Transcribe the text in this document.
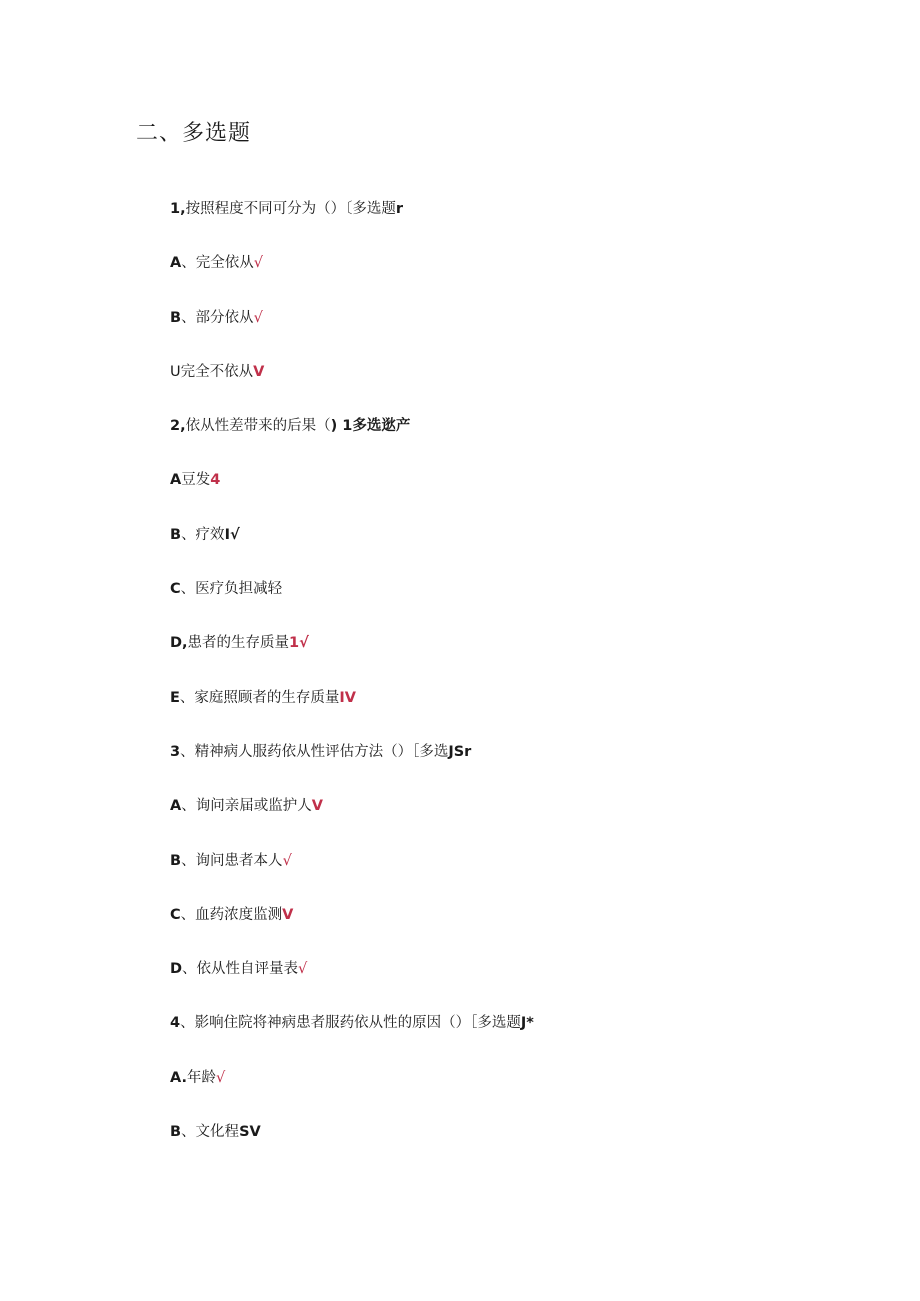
二、多选题
1,按照程度不同可分为（）〔多选题r
A、完全依从√
B、部分依从√
U完全不依从V
2,依从性差带来的后果（) 1多选逖产
A豆发4
B、疗效I√
C、医疗负担减轻
D,患者的生存质量1√
E、家庭照顾者的生存质量IV
3、精神病人服药依从性评估方法（）［多选JSr
A、询问亲届或监护人V
B、询问患者本人√
C、血药浓度监测V
D、依从性自评量表√
4、影响住院将神病患者服药依从性的原因（）［多选题J*
A.年龄√
B、文化程SV
